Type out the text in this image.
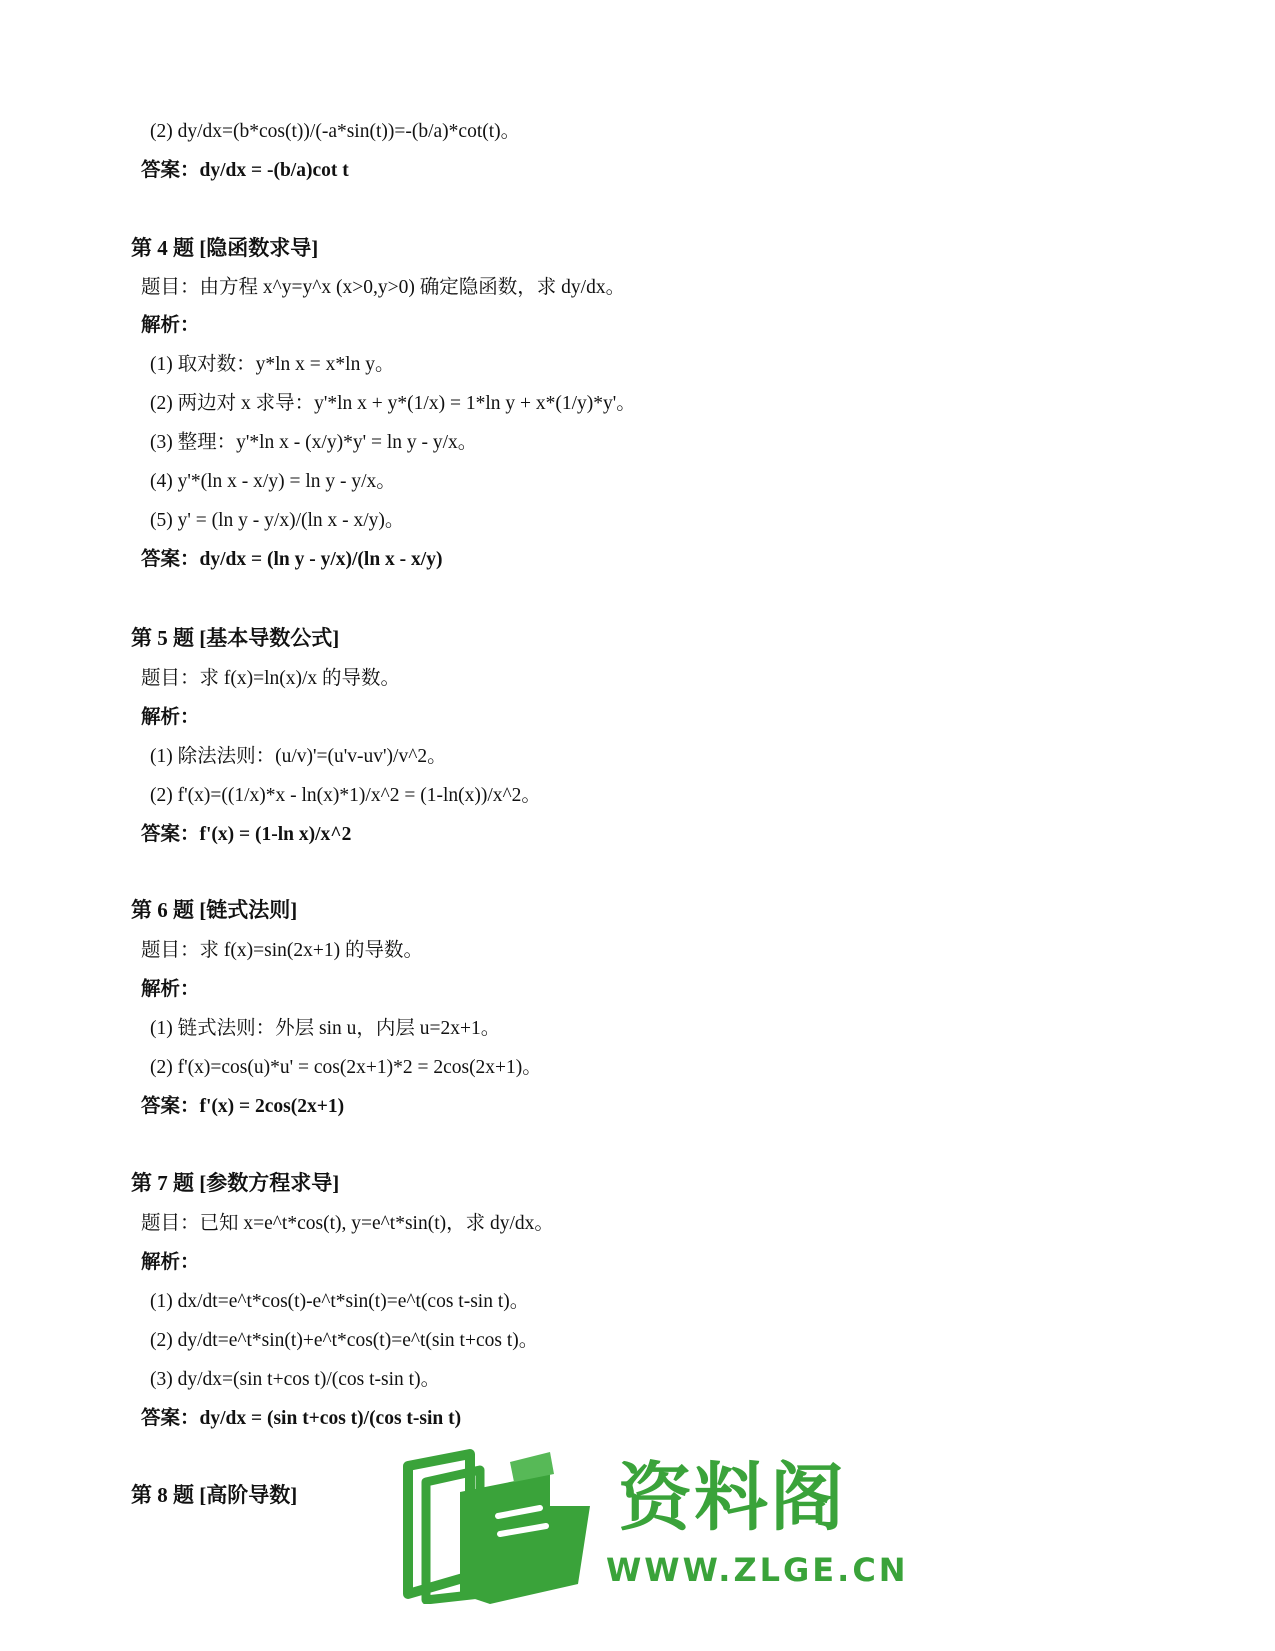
(2) dy/dx=(b*cos(t))/(-a*sin(t))=-(b/a)*cot(t)。
答案：dy/dx = -(b/a)cot t
第 4 题 [隐函数求导]
题目：由方程 x^y=y^x (x>0,y>0) 确定隐函数，求 dy/dx。
解析：
(1) 取对数：y*ln x = x*ln y。
(2) 两边对 x 求导：y'*ln x + y*(1/x) = 1*ln y + x*(1/y)*y'。
(3) 整理：y'*ln x - (x/y)*y' = ln y - y/x。
(4) y'*(ln x - x/y) = ln y - y/x。
(5) y' = (ln y - y/x)/(ln x - x/y)。
答案：dy/dx = (ln y - y/x)/(ln x - x/y)
第 5 题 [基本导数公式]
题目：求 f(x)=ln(x)/x 的导数。
解析：
(1) 除法法则：(u/v)'=(u'v-uv')/v^2。
(2) f'(x)=((1/x)*x - ln(x)*1)/x^2 = (1-ln(x))/x^2。
答案：f'(x) = (1-ln x)/x^2
第 6 题 [链式法则]
题目：求 f(x)=sin(2x+1) 的导数。
解析：
(1) 链式法则：外层 sin u，内层 u=2x+1。
(2) f'(x)=cos(u)*u' = cos(2x+1)*2 = 2cos(2x+1)。
答案：f'(x) = 2cos(2x+1)
第 7 题 [参数方程求导]
题目：已知 x=e^t*cos(t), y=e^t*sin(t)，求 dy/dx。
解析：
(1) dx/dt=e^t*cos(t)-e^t*sin(t)=e^t(cos t-sin t)。
(2) dy/dt=e^t*sin(t)+e^t*cos(t)=e^t(sin t+cos t)。
(3) dy/dx=(sin t+cos t)/(cos t-sin t)。
答案：dy/dx = (sin t+cos t)/(cos t-sin t)
第 8 题 [高阶导数]	资料阁
WWW.ZLGE.CN
